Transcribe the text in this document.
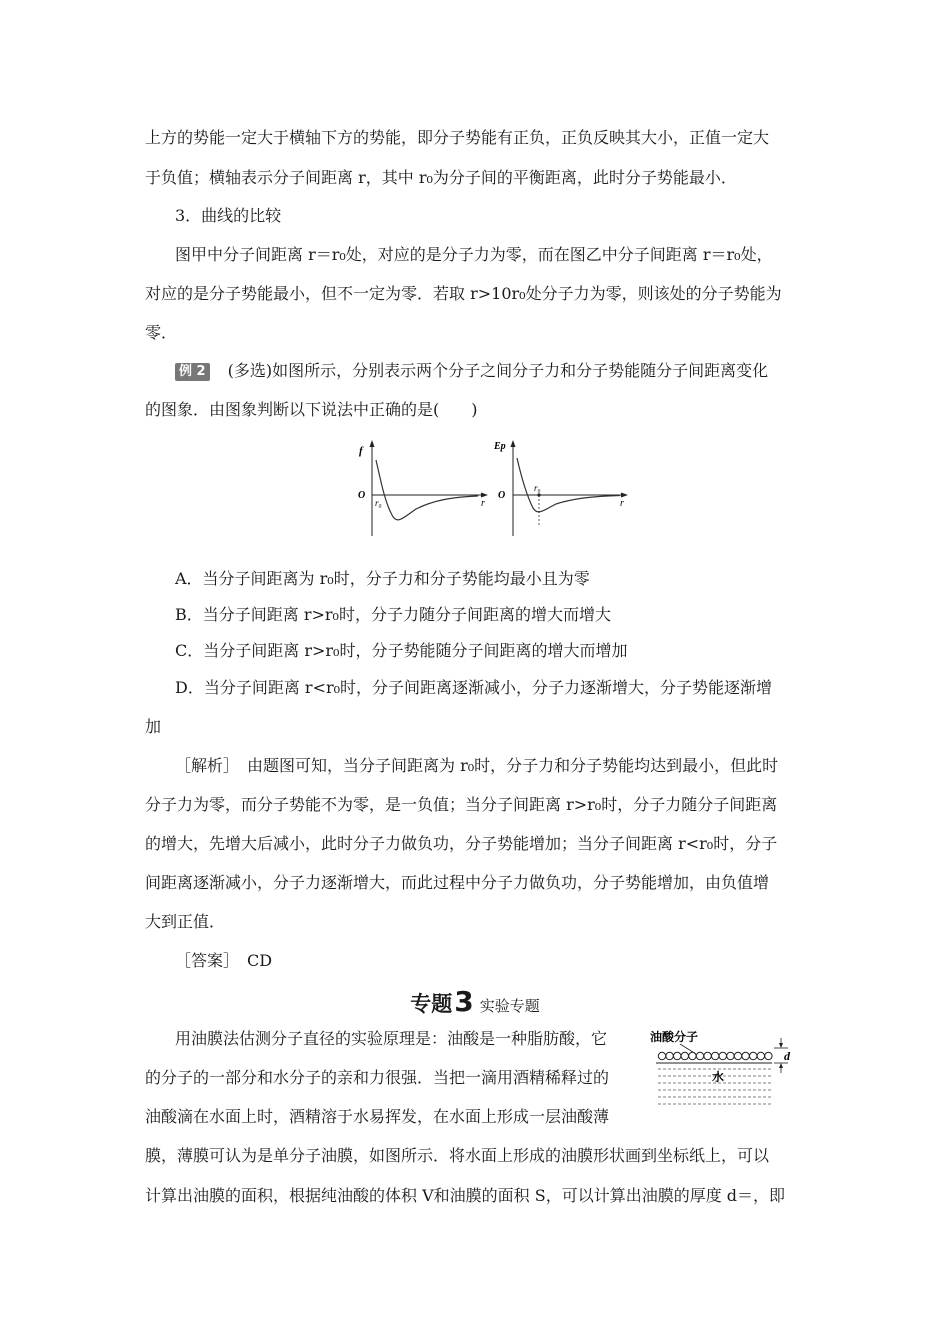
上方的势能一定大于横轴下方的势能，即分子势能有正负，正负反映其大小，正值一定大
于负值；横轴表示分子间距离 r，其中 r₀为分子间的平衡距离，此时分子势能最小．
3．曲线的比较
图甲中分子间距离 r＝r₀处，对应的是分子力为零，而在图乙中分子间距离 r＝r₀处，
对应的是分子势能最小，但不一定为零．若取 r>10r₀处分子力为零，则该处的分子势能为
零．
例 2 (多选)如图所示，分别表示两个分子之间分子力和分子势能随分子间距离变化
的图象．由图象判断以下说法中正确的是(　　)
f
O
r₀	r
Ep
O
r₀
r
A．当分子间距离为 r₀时，分子力和分子势能均最小且为零
B．当分子间距离 r>r₀时，分子力随分子间距离的增大而增大
C．当分子间距离 r>r₀时，分子势能随分子间距离的增大而增加
D．当分子间距离 r<r₀时，分子间距离逐渐减小，分子力逐渐增大，分子势能逐渐增
加
［解析］　由题图可知，当分子间距离为 r₀时，分子力和分子势能均达到最小，但此时
分子力为零，而分子势能不为零，是一负值；当分子间距离 r>r₀时，分子力随分子间距离
的增大，先增大后减小，此时分子力做负功，分子势能增加；当分子间距离 r<r₀时，分子
间距离逐渐减小，分子力逐渐增大，而此过程中分子力做负功，分子势能增加，由负值增
大到正值．
［答案］　CD
专题3 实验专题
用油膜法估测分子直径的实验原理是：油酸是一种脂肪酸，它
的分子的一部分和水分子的亲和力很强．当把一滴用酒精稀释过的
油酸滴在水面上时，酒精溶于水易挥发，在水面上形成一层油酸薄
膜，薄膜可认为是单分子油膜，如图所示．将水面上形成的油膜形状画到坐标纸上，可以
计算出油膜的面积，根据纯油酸的体积 V和油膜的面积 S，可以计算出油膜的厚度 d＝，即
油酸分子
水
d
